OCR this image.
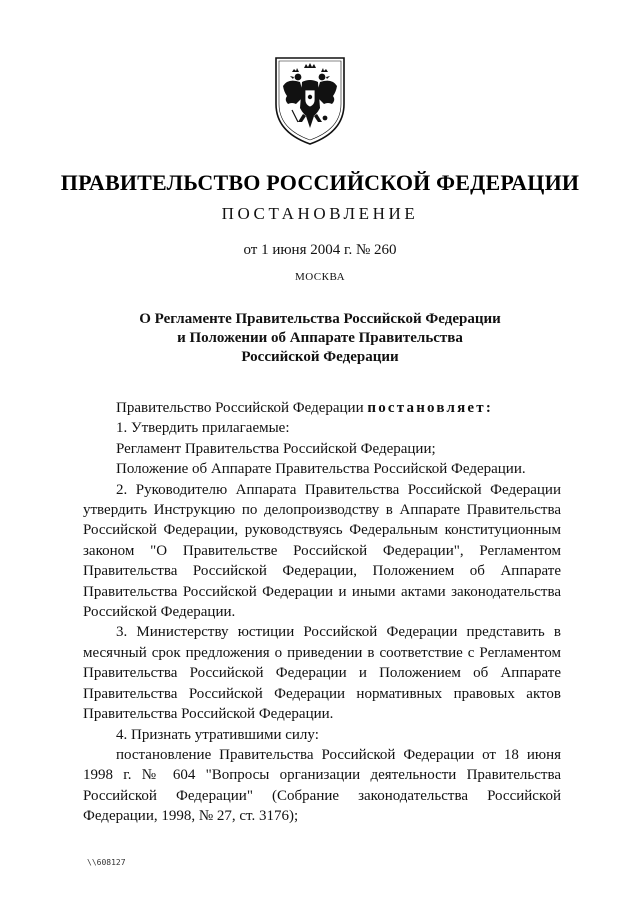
ПРАВИТЕЛЬСТВО РОССИЙСКОЙ ФЕДЕРАЦИИ
ПОСТАНОВЛЕНИЕ
от 1 июня 2004 г. № 260
МОСКВА
О Регламенте Правительства Российской Федерации
и Положении об Аппарате Правительства
Российской Федерации

Правительство Российской Федерации постановляет:

1. Утвердить прилагаемые:

Регламент Правительства Российской Федерации;

Положение об Аппарате Правительства Российской Федерации.

2. Руководителю Аппарата Правительства Российской Федерации утвердить Инструкцию по делопроизводству в Аппарате Правительства Российской Федерации, руководствуясь Федеральным конституционным законом "О Правительстве Российской Федерации", Регламентом Правительства Российской Федерации, Положением об Аппарате Правительства Российской Федерации и иными актами законодательства Российской Федерации.

3. Министерству юстиции Российской Федерации представить в месячный срок предложения о приведении в соответствие с Регламентом Правительства Российской Федерации и Положением об Аппарате Правительства Российской Федерации нормативных правовых актов Правительства Российской Федерации.

4. Признать утратившими силу:

постановление Правительства Российской Федерации от 18 июня 1998 г. № 604 "Вопросы организации деятельности Правительства Российской Федерации" (Собрание законодательства Российской Федерации, 1998, № 27, ст. 3176);

\\608127
